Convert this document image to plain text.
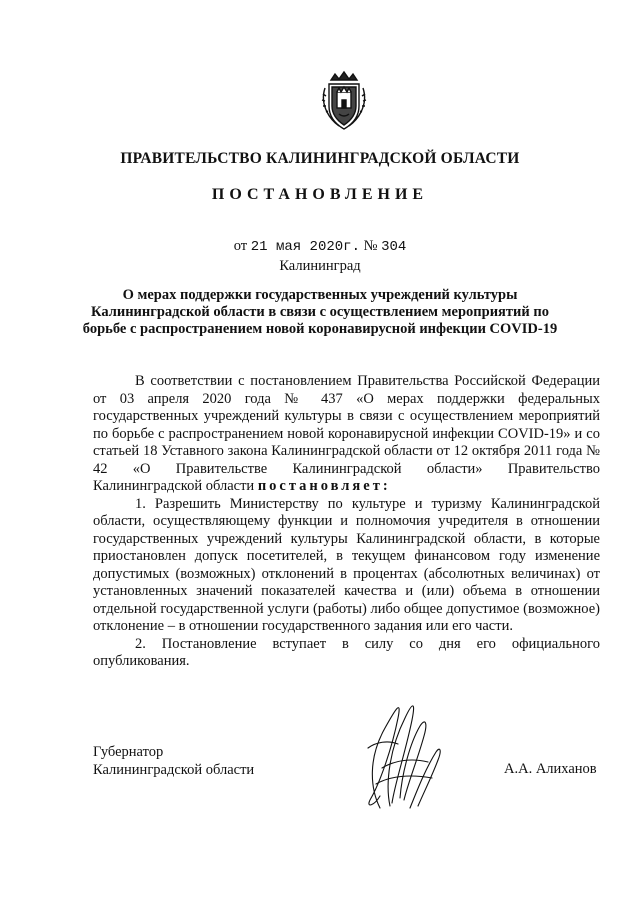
ПРАВИТЕЛЬСТВО КАЛИНИНГРАДСКОЙ ОБЛАСТИ
ПОСТАНОВЛЕНИЕ
от 21 мая 2020г. № 304
Калининград
О мерах поддержки государственных учреждений культуры
Калининградской области в связи с осуществлением мероприятий по
борьбе с распространением новой коронавирусной инфекции COVID-19

В соответствии с постановлением Правительства Российской Федерации от 03 апреля 2020 года № 437 «О мерах поддержки федеральных государственных учреждений культуры в связи с осуществлением мероприятий по борьбе с распространением новой коронавирусной инфекции COVID-19» и со статьей 18 Уставного закона Калининградской области от 12 октября 2011 года № 42 «О Правительстве Калининградской области» Правительство Калининградской области постановляет:

1. Разрешить Министерству по культуре и туризму Калининградской области, осуществляющему функции и полномочия учредителя в отношении государственных учреждений культуры Калининградской области, в которые приостановлен допуск посетителей, в текущем финансовом году изменение допустимых (возможных) отклонений в процентах (абсолютных величинах) от установленных значений показателей качества и (или) объема в отношении отдельной государственной услуги (работы) либо общее допустимое (возможное) отклонение – в отношении государственного задания или его части.

2. Постановление вступает в силу со дня его официального опубликования.

Губернатор
Калининградской области	А.А. Алиханов
